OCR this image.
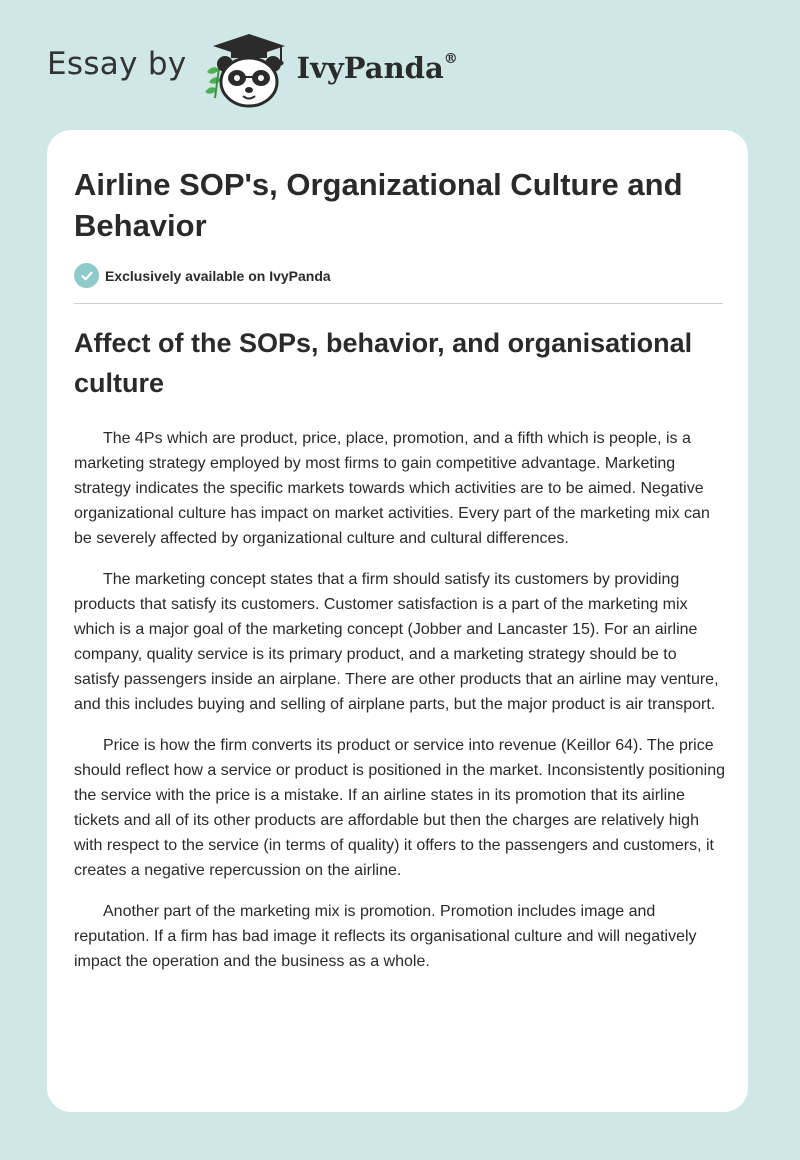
Essay by	IvyPanda®
Airline SOP's, Organizational Culture and Behavior
Exclusively available on IvyPanda
Affect of the SOPs, behavior, and organisational culture

The 4Ps which are product, price, place, promotion, and a fifth which is people, is a marketing strategy employed by most firms to gain competitive advantage. Marketing strategy indicates the specific markets towards which activities are to be aimed. Negative organizational culture has impact on market activities. Every part of the marketing mix can be severely affected by organizational culture and cultural differences.

The marketing concept states that a firm should satisfy its customers by providing products that satisfy its customers. Customer satisfaction is a part of the marketing mix which is a major goal of the marketing concept (Jobber and Lancaster 15). For an airline company, quality service is its primary product, and a marketing strategy should be to satisfy passengers inside an airplane. There are other products that an airline may venture, and this includes buying and selling of airplane parts, but the major product is air transport.

Price is how the firm converts its product or service into revenue (Keillor 64). The price should reflect how a service or product is positioned in the market. Inconsistently positioning the service with the price is a mistake. If an airline states in its promotion that its airline tickets and all of its other products are affordable but then the charges are relatively high with respect to the service (in terms of quality) it offers to the passengers and customers, it creates a negative repercussion on the airline.

Another part of the marketing mix is promotion. Promotion includes image and reputation. If a firm has bad image it reflects its organisational culture and will negatively impact the operation and the business as a whole.
